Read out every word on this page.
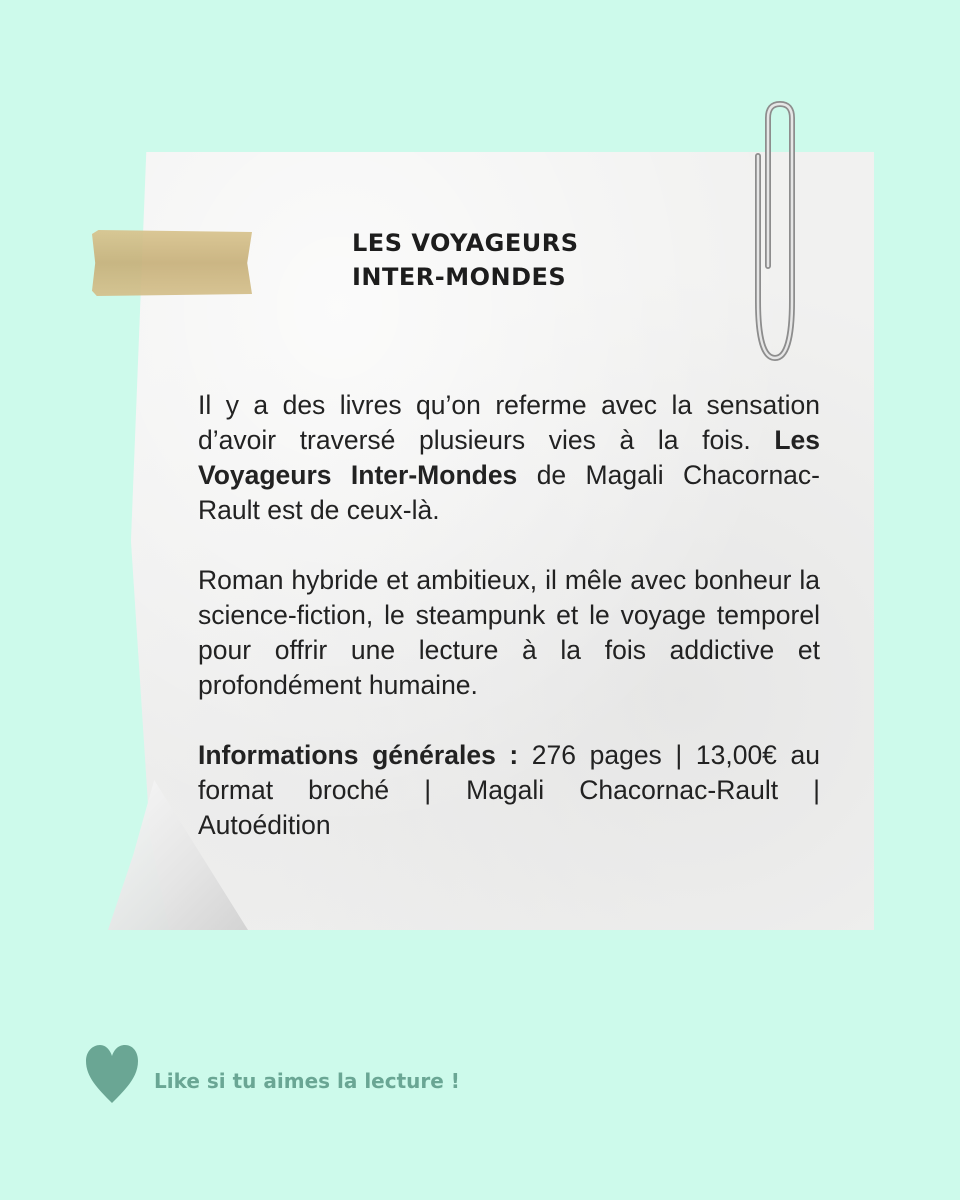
LES VOYAGEURS
INTER-MONDES

Il y a des livres qu’on referme avec la sensation d’avoir traversé plusieurs vies à la fois. Les Voyageurs Inter-Mondes de Magali Chacornac-Rault est de ceux-là.

Roman hybride et ambitieux, il mêle avec bonheur la science-fiction, le steampunk et le voyage temporel pour offrir une lecture à la fois addictive et profondément humaine.

Informations générales : 276 pages | 13,00€ au format broché | Magali Chacornac-Rault | Autoédition

Like si tu aimes la lecture !
